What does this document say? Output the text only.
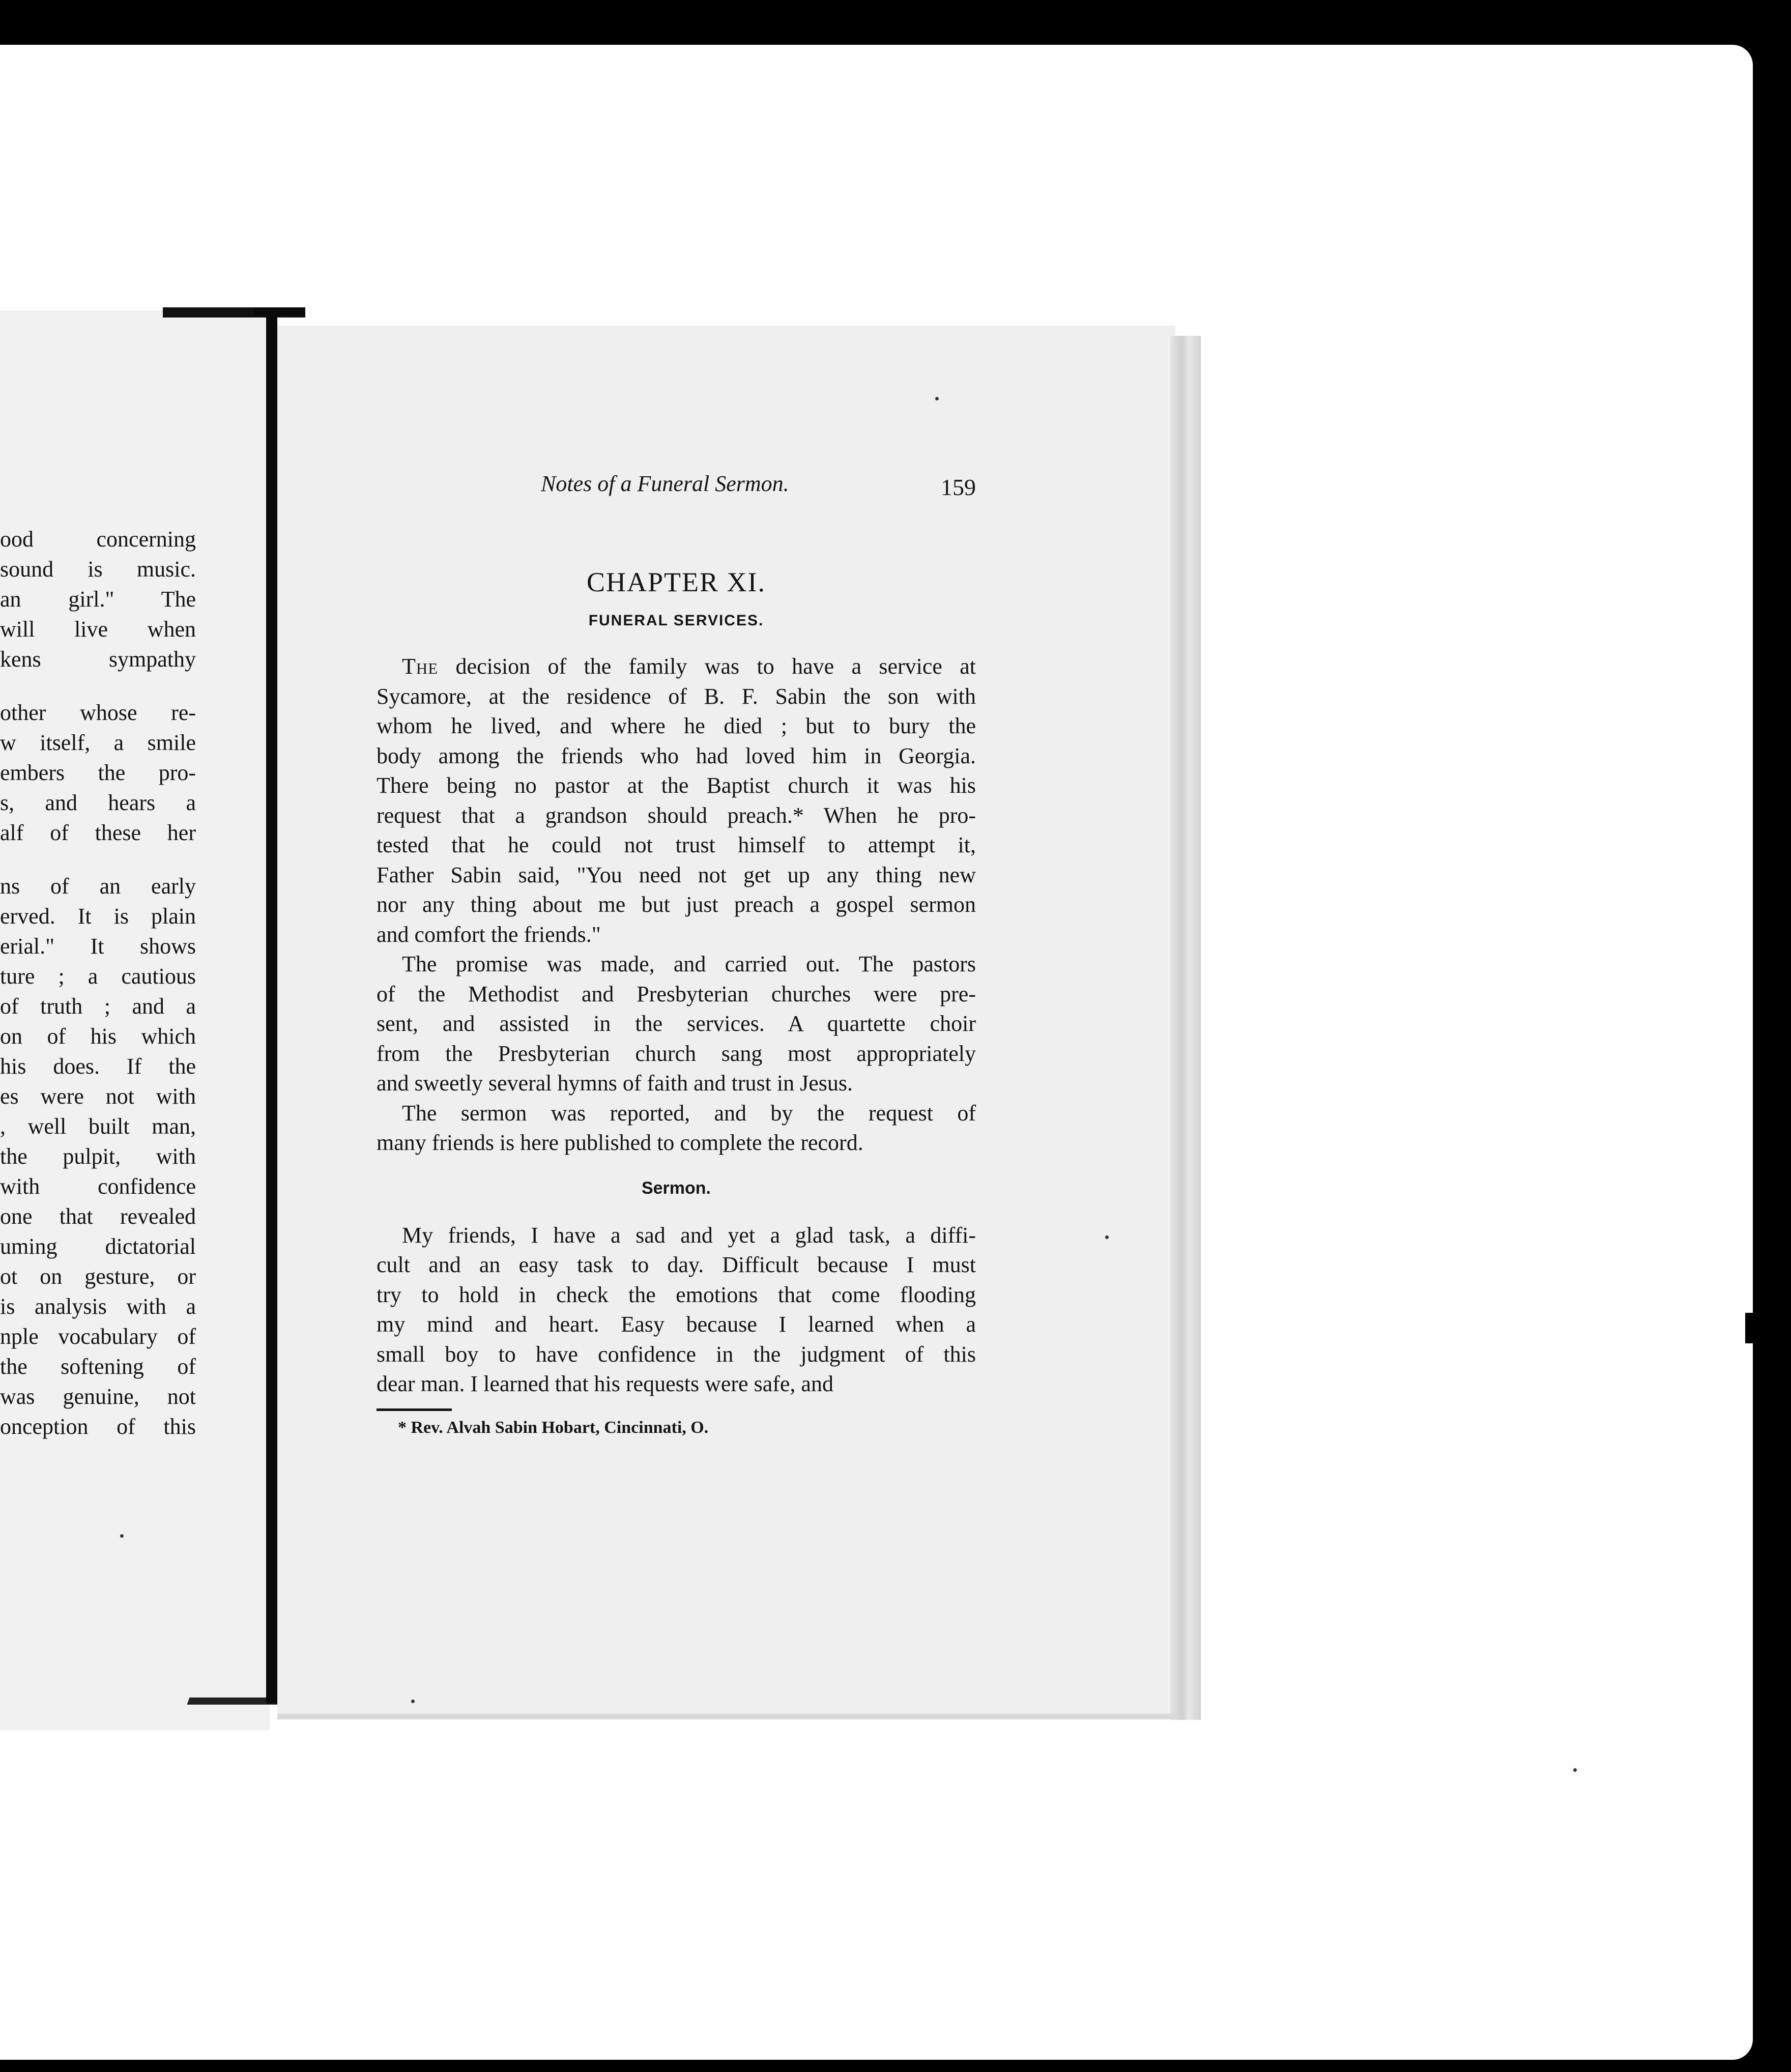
ood concerning
sound is music.
an girl." The
will live when
kens sympathy
other whose re-
w itself, a smile
embers the pro-
s, and hears a
alf of these her
ns of an early
erved. It is plain
erial." It shows
ture ; a cautious
of truth ; and a
on of his which
his does. If the
es were not with
, well built man,
the pulpit, with
with confidence
one that revealed
uming dictatorial
ot on gesture, or
is analysis with a
nple vocabulary of
the softening of
was genuine, not
onception of this
Notes of a Funeral Sermon.	159
CHAPTER XI.
FUNERAL SERVICES.
The decision of the family was to have a service at
Sycamore, at the residence of B. F. Sabin the son with
whom he lived, and where he died ; but to bury the
body among the friends who had loved him in Georgia.
There being no pastor at the Baptist church it was his
request that a grandson should preach.* When he pro-
tested that he could not trust himself to attempt it,
Father Sabin said, "You need not get up any thing new
nor any thing about me but just preach a gospel sermon
and comfort the friends."
The promise was made, and carried out. The pastors
of the Methodist and Presbyterian churches were pre-
sent, and assisted in the services. A quartette choir
from the Presbyterian church sang most appropriately
and sweetly several hymns of faith and trust in Jesus.
The sermon was reported, and by the request of
many friends is here published to complete the record.
Sermon.
My friends, I have a sad and yet a glad task, a diffi-
cult and an easy task to day. Difficult because I must
try to hold in check the emotions that come flooding
my mind and heart. Easy because I learned when a
small boy to have confidence in the judgment of this
dear man. I learned that his requests were safe, and
* Rev. Alvah Sabin Hobart, Cincinnati, O.
